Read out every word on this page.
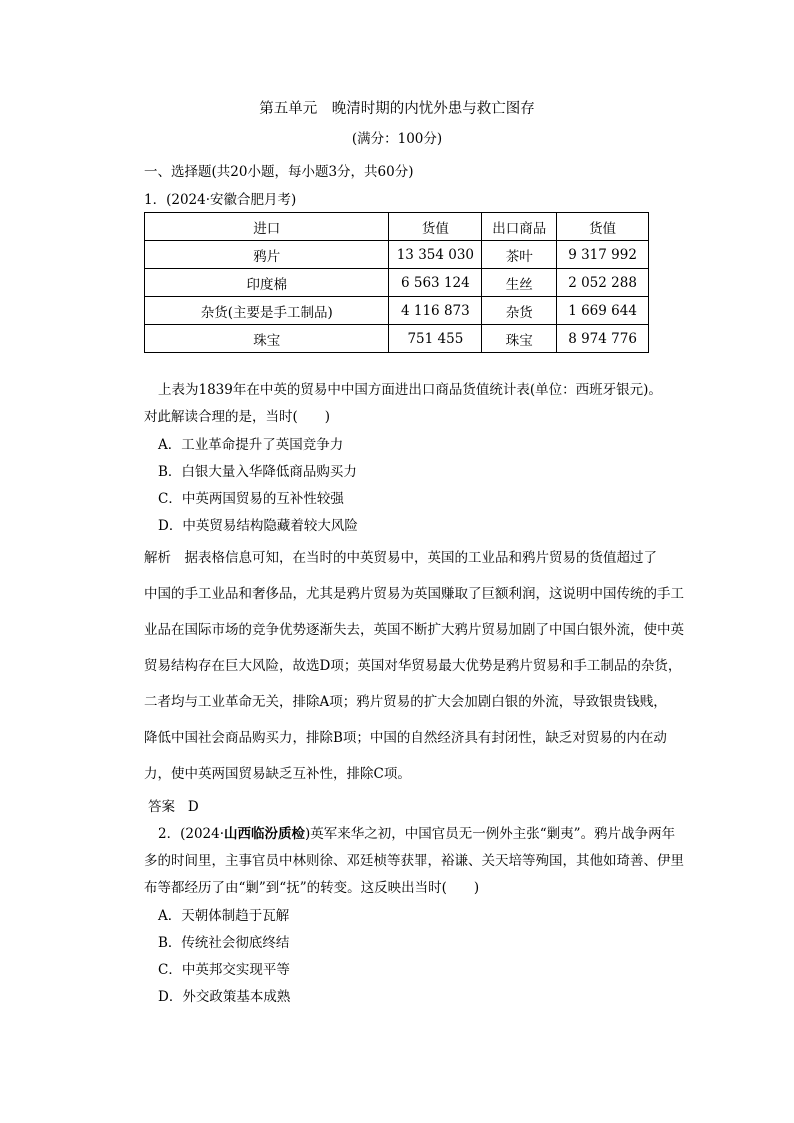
第五单元　晚清时期的内忧外患与救亡图存
(满分：100分)
一、选择题(共20小题，每小题3分，共60分)
1．(2024·安徽合肥月考)
进口	货值	出口商品	货值
鸦片	13 354 030	茶叶	9 317 992
印度棉	6 563 124	生丝	2 052 288
杂货(主要是手工制品)	4 116 873	杂货	1 669 644
珠宝	751 455	珠宝	8 974 776
上表为1839年在中英的贸易中中国方面进出口商品货值统计表(单位：西班牙银元)。
对此解读合理的是，当时(　　)
A．工业革命提升了英国竞争力
B．白银大量入华降低商品购买力
C．中英两国贸易的互补性较强
D．中英贸易结构隐藏着较大风险
解析　据表格信息可知，在当时的中英贸易中，英国的工业品和鸦片贸易的货值超过了
中国的手工业品和奢侈品，尤其是鸦片贸易为英国赚取了巨额利润，这说明中国传统的手工
业品在国际市场的竞争优势逐渐失去，英国不断扩大鸦片贸易加剧了中国白银外流，使中英
贸易结构存在巨大风险，故选D项；英国对华贸易最大优势是鸦片贸易和手工制品的杂货，
二者均与工业革命无关，排除A项；鸦片贸易的扩大会加剧白银的外流，导致银贵钱贱，
降低中国社会商品购买力，排除B项；中国的自然经济具有封闭性，缺乏对贸易的内在动
力，使中英两国贸易缺乏互补性，排除C项。
答案 D
2．(2024·山西临汾质检)英军来华之初，中国官员无一例外主张“剿夷”。鸦片战争两年
多的时间里，主事官员中林则徐、邓廷桢等获罪，裕谦、关天培等殉国，其他如琦善、伊里
布等都经历了由“剿”到“抚”的转变。这反映出当时(　　)
A．天朝体制趋于瓦解
B．传统社会彻底终结
C．中英邦交实现平等
D．外交政策基本成熟
